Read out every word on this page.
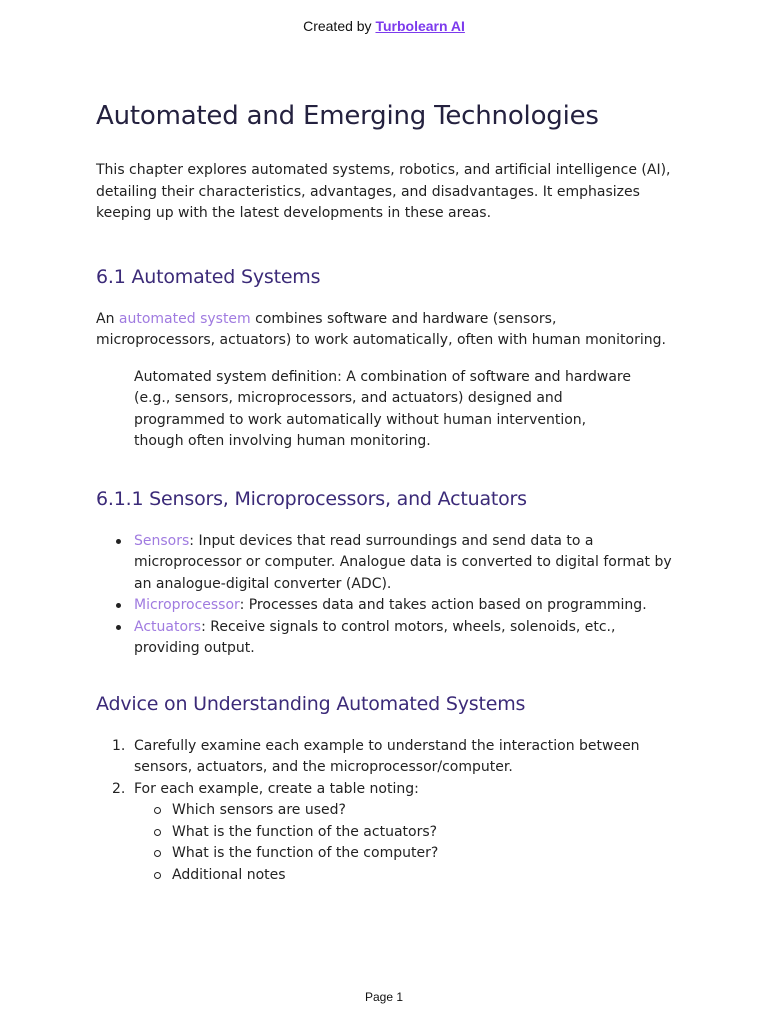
Created by Turbolearn AI
Automated and Emerging Technologies

This chapter explores automated systems, robotics, and artificial intelligence (AI), detailing their characteristics, advantages, and disadvantages. It emphasizes keeping up with the latest developments in these areas.

6.1 Automated Systems

An automated system combines software and hardware (sensors, microprocessors, actuators) to work automatically, often with human monitoring.

Automated system definition: A combination of software and hardware (e.g., sensors, microprocessors, and actuators) designed and programmed to work automatically without human intervention, though often involving human monitoring.

6.1.1 Sensors, Microprocessors, and Actuators
Sensors: Input devices that read surroundings and send data to a microprocessor or computer. Analogue data is converted to digital format by an analogue-digital converter (ADC).
Microprocessor: Processes data and takes action based on programming.
Actuators: Receive signals to control motors, wheels, solenoids, etc., providing output.
Advice on Understanding Automated Systems
1. Carefully examine each example to understand the interaction between sensors, actuators, and the microprocessor/computer.
2. For each example, create a table noting:
Which sensors are used?
What is the function of the actuators?
What is the function of the computer?
Additional notes
Page 1
